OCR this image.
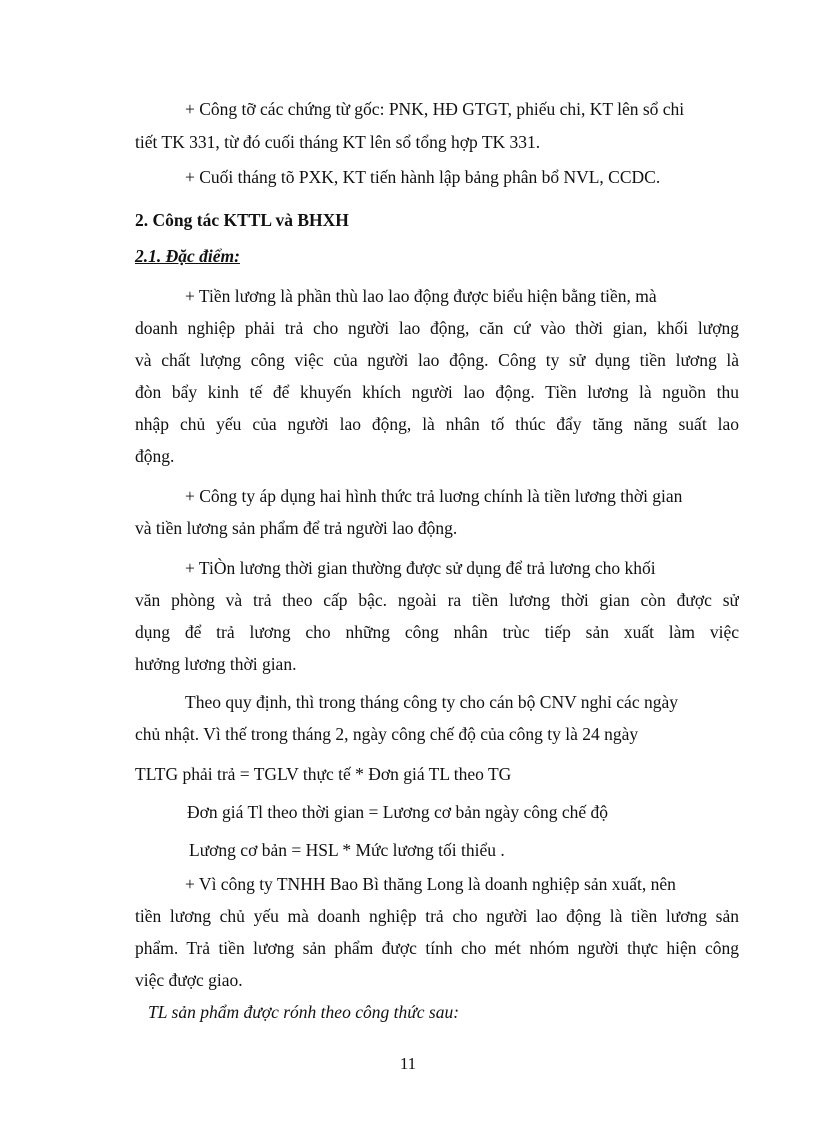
+ Công tỡ các chứng từ gốc: PNK, HĐ GTGT, phiếu chi, KT lên sổ chi
tiết TK 331, từ đó cuối tháng KT lên sổ tổng hợp TK 331.
+ Cuối tháng tõ PXK, KT tiến hành lập bảng phân bổ NVL, CCDC.
2. Công tác KTTL và BHXH
2.1. Đặc điểm:
+ Tiền lương là phần thù lao lao động được biểu hiện bằng tiền, mà
doanh nghiệp phải trả cho người lao động, căn cứ vào thời gian, khối lượng
và chất lượng công việc của người lao động. Công ty sử dụng tiền lương là
đòn bẩy kinh tế để khuyến khích người lao động. Tiền lương là nguồn thu
nhập chủ yếu của người lao động, là nhân tố thúc đẩy tăng năng suất lao
động.
+ Công ty áp dụng hai hình thức trả luơng chính là tiền lương thời gian
và tiền lương sản phẩm để trả người lao động.
+ TiÒn lương thời gian thường được sử dụng để trả lương cho khối
văn phòng và trả theo cấp bậc. ngoài ra tiền lương thời gian còn được sử
dụng để trả lương cho những công nhân trùc tiếp sản xuất làm việc
hưởng lương thời gian.
Theo quy định, thì trong tháng công ty cho cán bộ CNV nghỉ các ngày
chủ nhật. Vì thế trong tháng 2, ngày công chế độ của công ty là 24 ngày
TLTG phải trả = TGLV thực tế * Đơn giá TL theo TG
Đơn giá Tl theo thời gian = Lương cơ bản ngày công chế độ
Lương cơ bản = HSL * Mức lương tối thiểu .
+ Vì công ty TNHH Bao Bì thăng Long là doanh nghiệp sản xuất, nên
tiền lương chủ yếu mà doanh nghiệp trả cho người lao động là tiền lương sản
phẩm. Trả tiền lương sản phẩm được tính cho mét nhóm người thực hiện công
việc được giao.
TL sản phẩm được rónh theo công thức sau:
11
